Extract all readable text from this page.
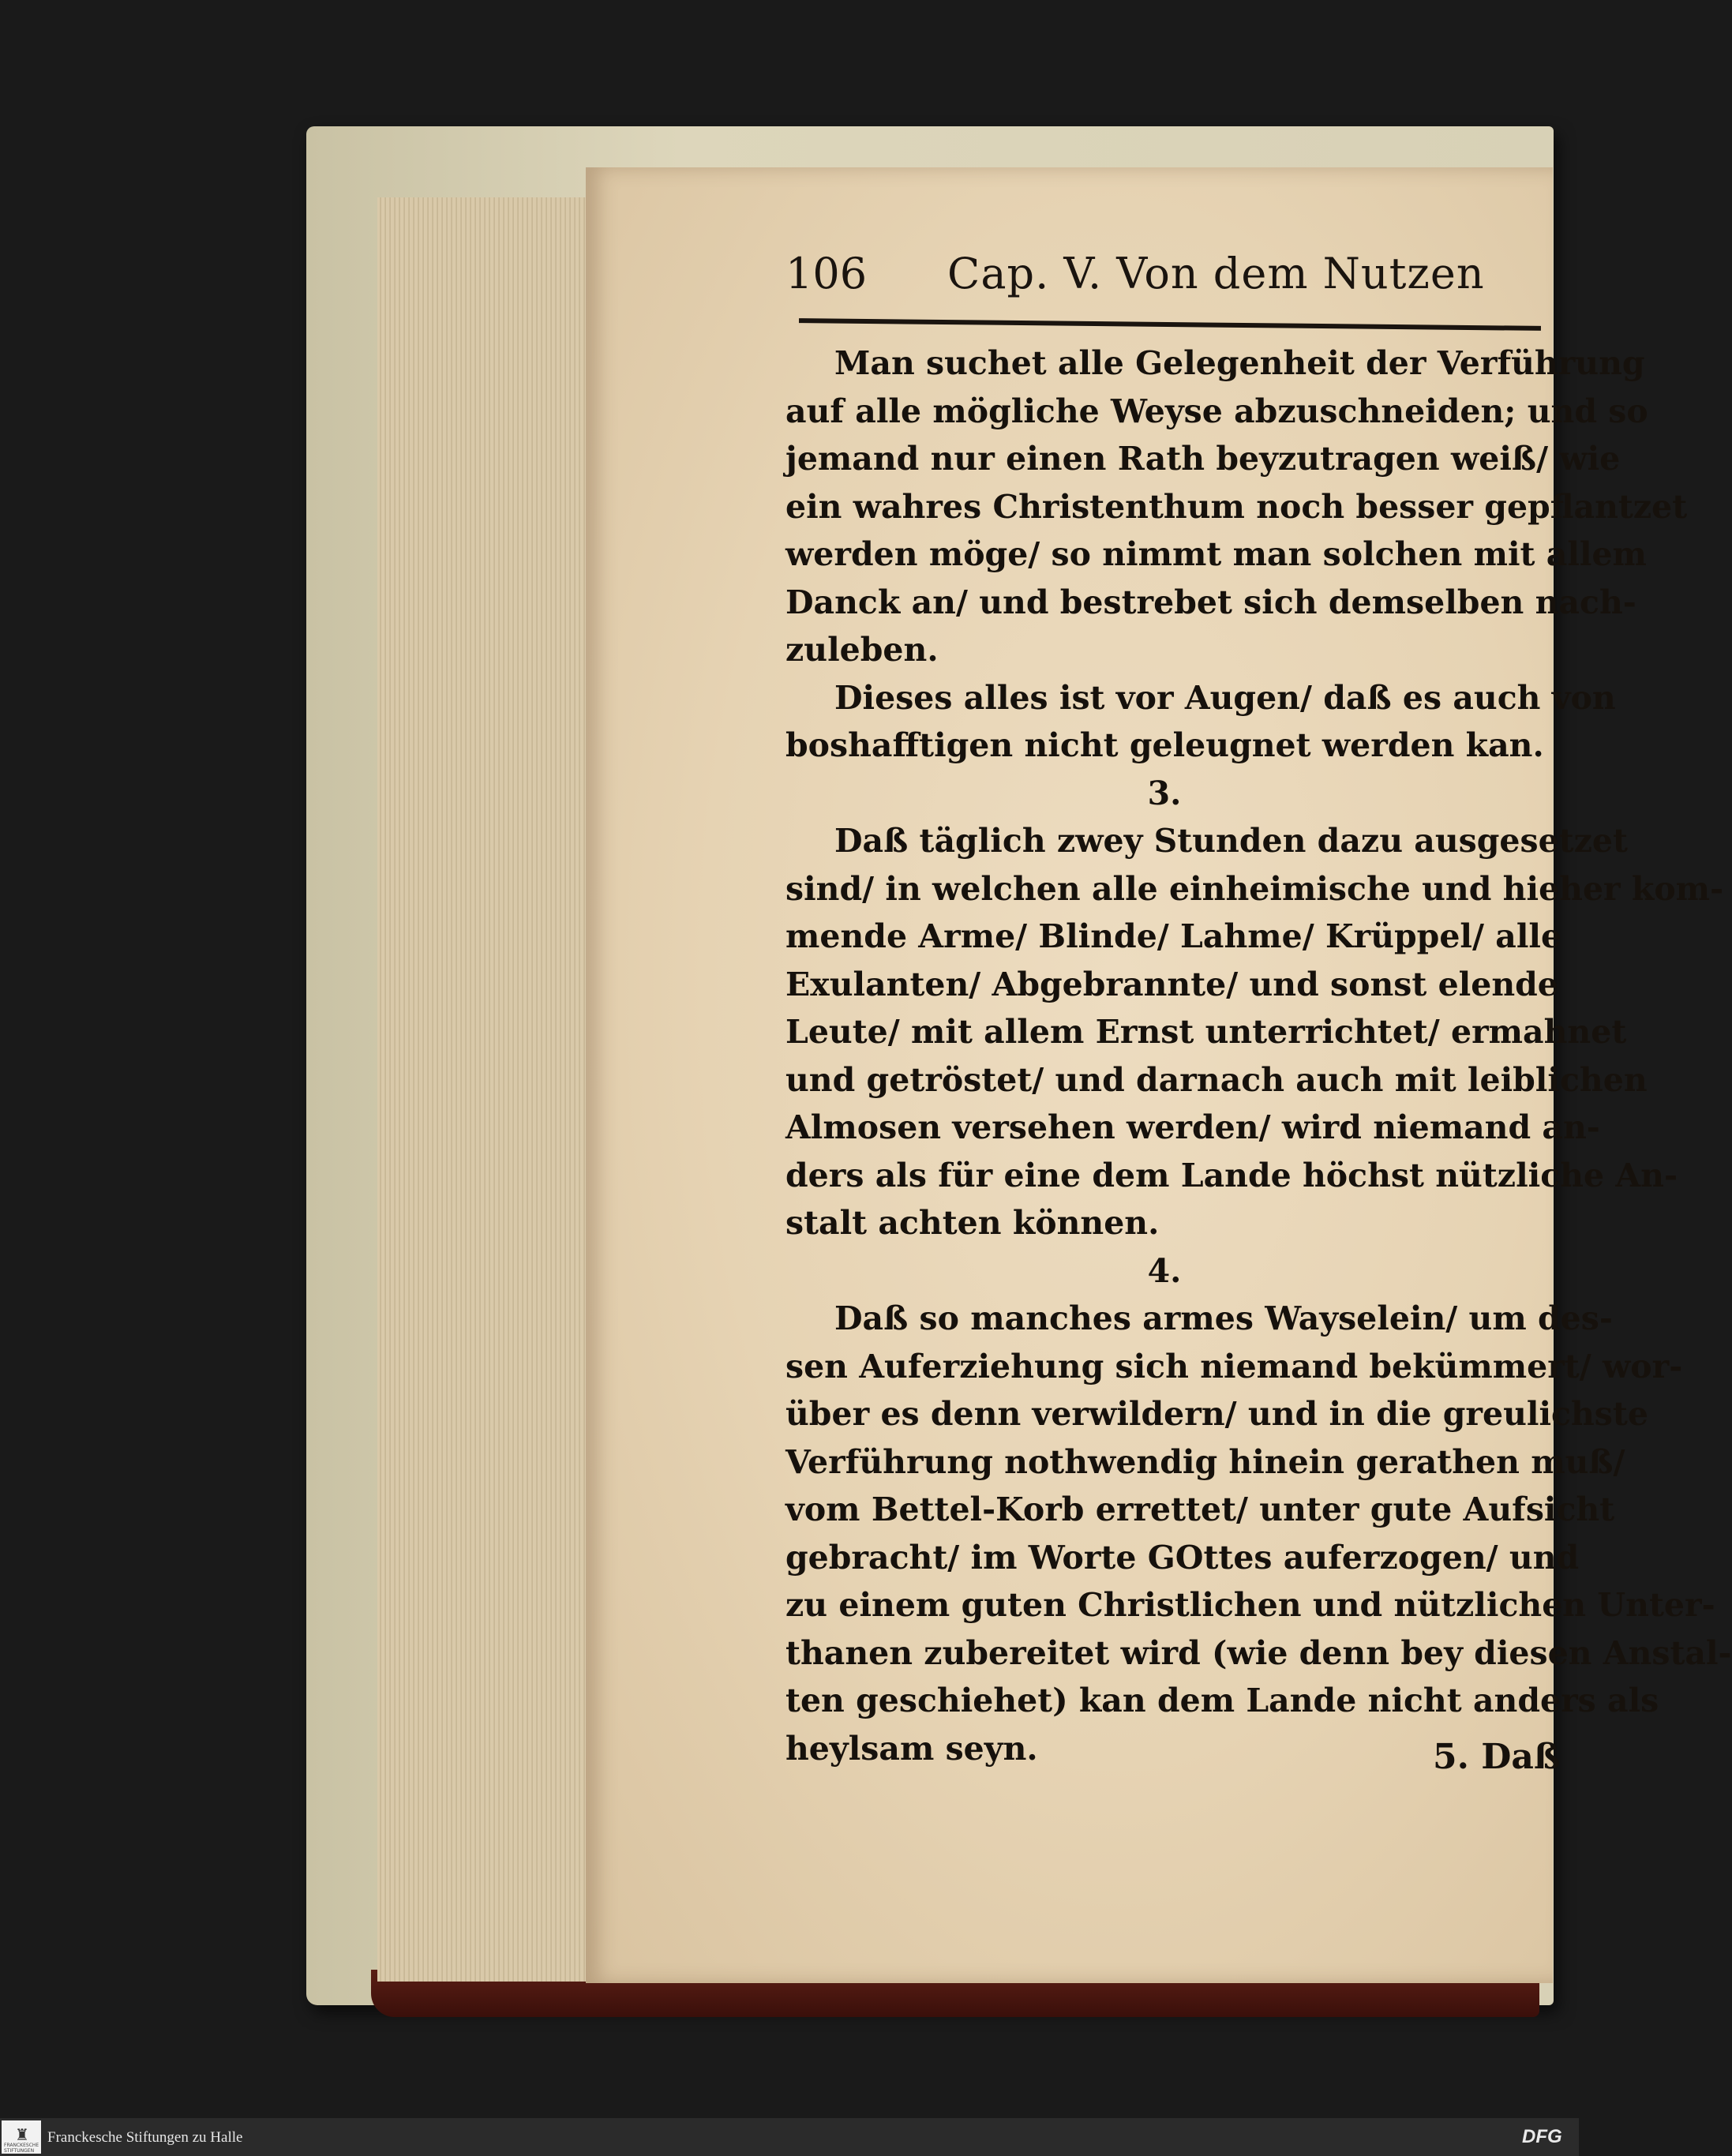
106 Cap. V. Von dem Nutzen
Man suchet alle Gelegenheit der Verführung
auf alle mögliche Weyse abzuschneiden; und so
jemand nur einen Rath beyzutragen weiß/ wie
ein wahres Christenthum noch besser gepflantzet
werden möge/ so nimmt man solchen mit allem
Danck an/ und bestrebet sich demselben nach-
zuleben.
Dieses alles ist vor Augen/ daß es auch von
boshafftigen nicht geleugnet werden kan.
3.
Daß täglich zwey Stunden dazu ausgesetzet
sind/ in welchen alle einheimische und hieher kom-
mende Arme/ Blinde/ Lahme/ Krüppel/ alle
Exulanten/ Abgebrannte/ und sonst elende
Leute/ mit allem Ernst unterrichtet/ ermahnet
und getröstet/ und darnach auch mit leiblichen
Almosen versehen werden/ wird niemand an-
ders als für eine dem Lande höchst nützliche An-
stalt achten können.
4.
Daß so manches armes Wayselein/ um des-
sen Auferziehung sich niemand bekümmert/ wor-
über es denn verwildern/ und in die greulichste
Verführung nothwendig hinein gerathen muß/
vom Bettel-Korb errettet/ unter gute Aufsicht
gebracht/ im Worte GOttes auferzogen/ und
zu einem guten Christlichen und nützlichen Unter-
thanen zubereitet wird (wie denn bey diesen Anstal-
ten geschiehet) kan dem Lande nicht anders als
heylsam seyn.	5. Daß
♜
FRANCKESCHE STIFTUNGEN
Franckesche Stiftungen zu Halle	DFG
